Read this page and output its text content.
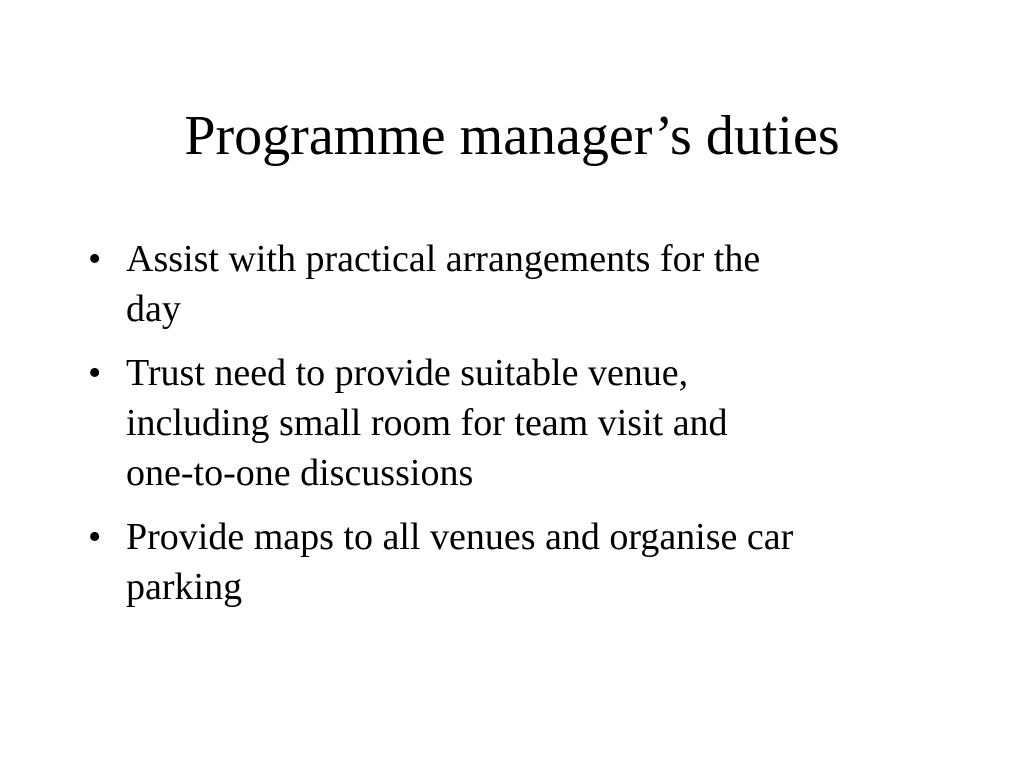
Programme manager’s duties
• Assist with practical arrangements for the
day
• Trust need to provide suitable venue,
including small room for team visit and
one-to-one discussions
• Provide maps to all venues and organise car
parking
